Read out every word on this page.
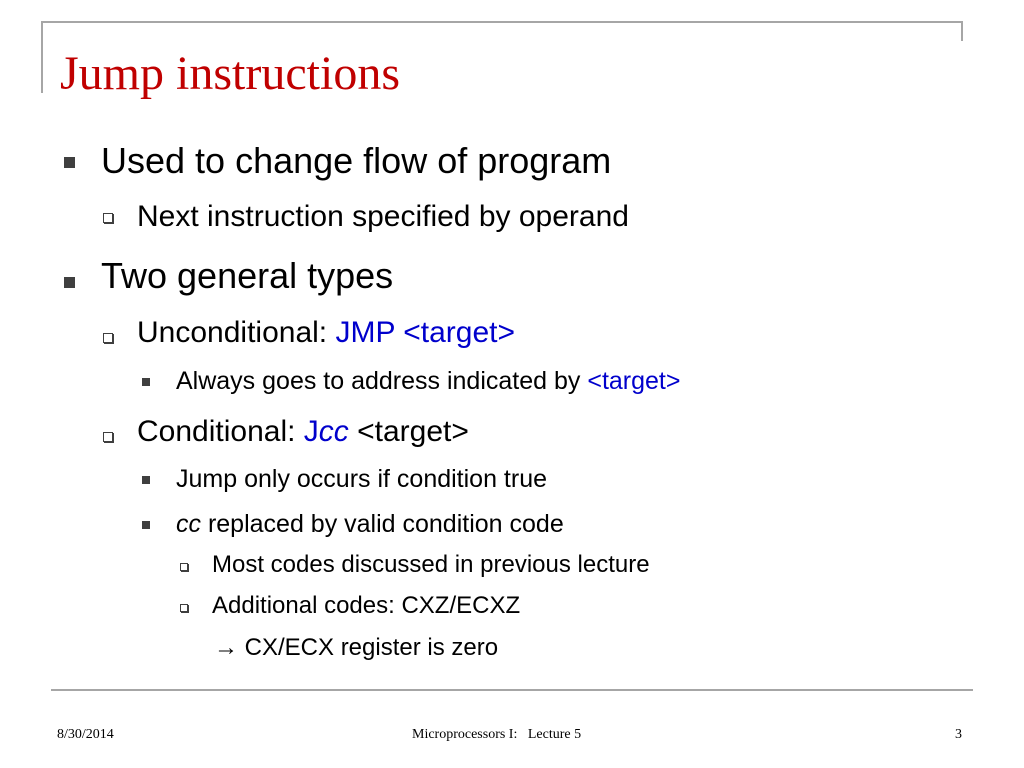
Jump instructions
Used to change flow of program
Next instruction specified by operand
Two general types
Unconditional: JMP <target>
Always goes to address indicated by <target>
Conditional: Jcc <target>
Jump only occurs if condition true
cc replaced by valid condition code
Most codes discussed in previous lecture
Additional codes: CXZ/ECXZ
→ CX/ECX register is zero
8/30/2014	Microprocessors I:   Lecture 5	3
